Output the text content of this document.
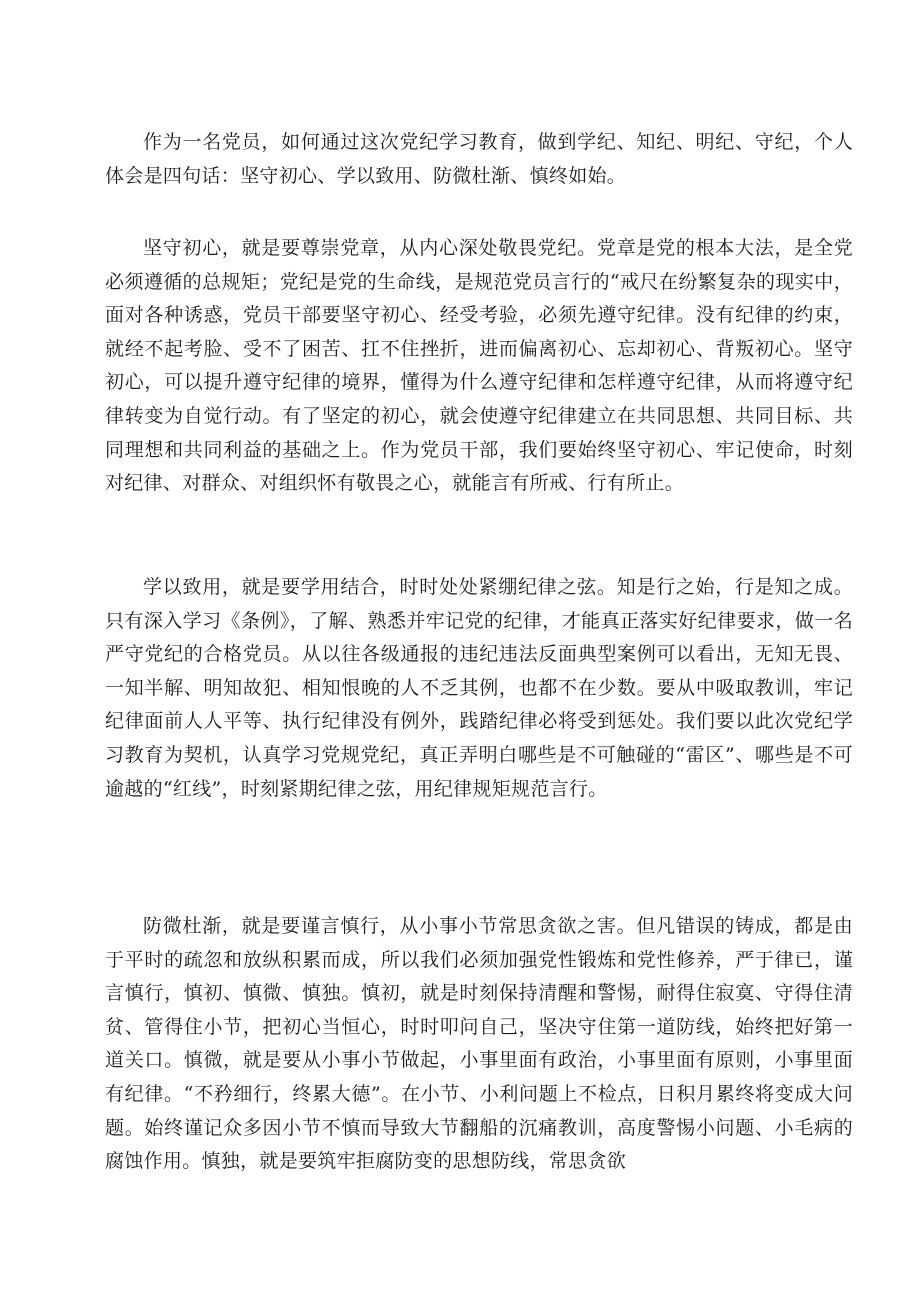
作为一名党员，如何通过这次党纪学习教育，做到学纪、知纪、明纪、守纪，个人体会是四句话：坚守初心、学以致用、防微杜渐、慎终如始。

坚守初心，就是要尊崇党章，从内心深处敬畏党纪。党章是党的根本大法，是全党必须遵循的总规矩；党纪是党的生命线，是规范党员言行的“戒尺在纷繁复杂的现实中，面对各种诱惑，党员干部要坚守初心、经受考验，必须先遵守纪律。没有纪律的约束，就经不起考脸、受不了困苦、扛不住挫折，进而偏离初心、忘却初心、背叛初心。坚守初心，可以提升遵守纪律的境界，懂得为什么遵守纪律和怎样遵守纪律，从而将遵守纪律转变为自觉行动。有了坚定的初心，就会使遵守纪律建立在共同思想、共同目标、共同理想和共同利益的基础之上。作为党员干部，我们要始终坚守初心、牢记使命，时刻对纪律、对群众、对组织怀有敬畏之心，就能言有所戒、行有所止。

学以致用，就是要学用结合，时时处处紧绷纪律之弦。知是行之始，行是知之成。只有深入学习《条例》，了解、熟悉并牢记党的纪律，才能真正落实好纪律要求，做一名严守党纪的合格党员。从以往各级通报的违纪违法反面典型案例可以看出，无知无畏、一知半解、明知故犯、相知恨晚的人不乏其例，也都不在少数。要从中吸取教训，牢记纪律面前人人平等、执行纪律没有例外，践踏纪律必将受到惩处。我们要以此次党纪学习教育为契机，认真学习党规党纪，真正弄明白哪些是不可触碰的“雷区”、哪些是不可逾越的“红线”，时刻紧期纪律之弦，用纪律规矩规范言行。

防微杜渐，就是要谨言慎行，从小事小节常思贪欲之害。但凡错误的铸成，都是由于平时的疏忽和放纵积累而成，所以我们必须加强党性锻炼和党性修养，严于律已，谨言慎行，慎初、慎微、慎独。慎初，就是时刻保持清醒和警惕，耐得住寂寞、守得住清贫、管得住小节，把初心当恒心，时时叩问自己，坚决守住第一道防线，始终把好第一道关口。慎微，就是要从小事小节做起，小事里面有政治，小事里面有原则，小事里面有纪律。“不矜细行，终累大德”。在小节、小利问题上不检点，日积月累终将变成大问题。始终谨记众多因小节不慎而导致大节翻船的沉痛教训，高度警惕小问题、小毛病的腐蚀作用。慎独，就是要筑牢拒腐防变的思想防线，常思贪欲
